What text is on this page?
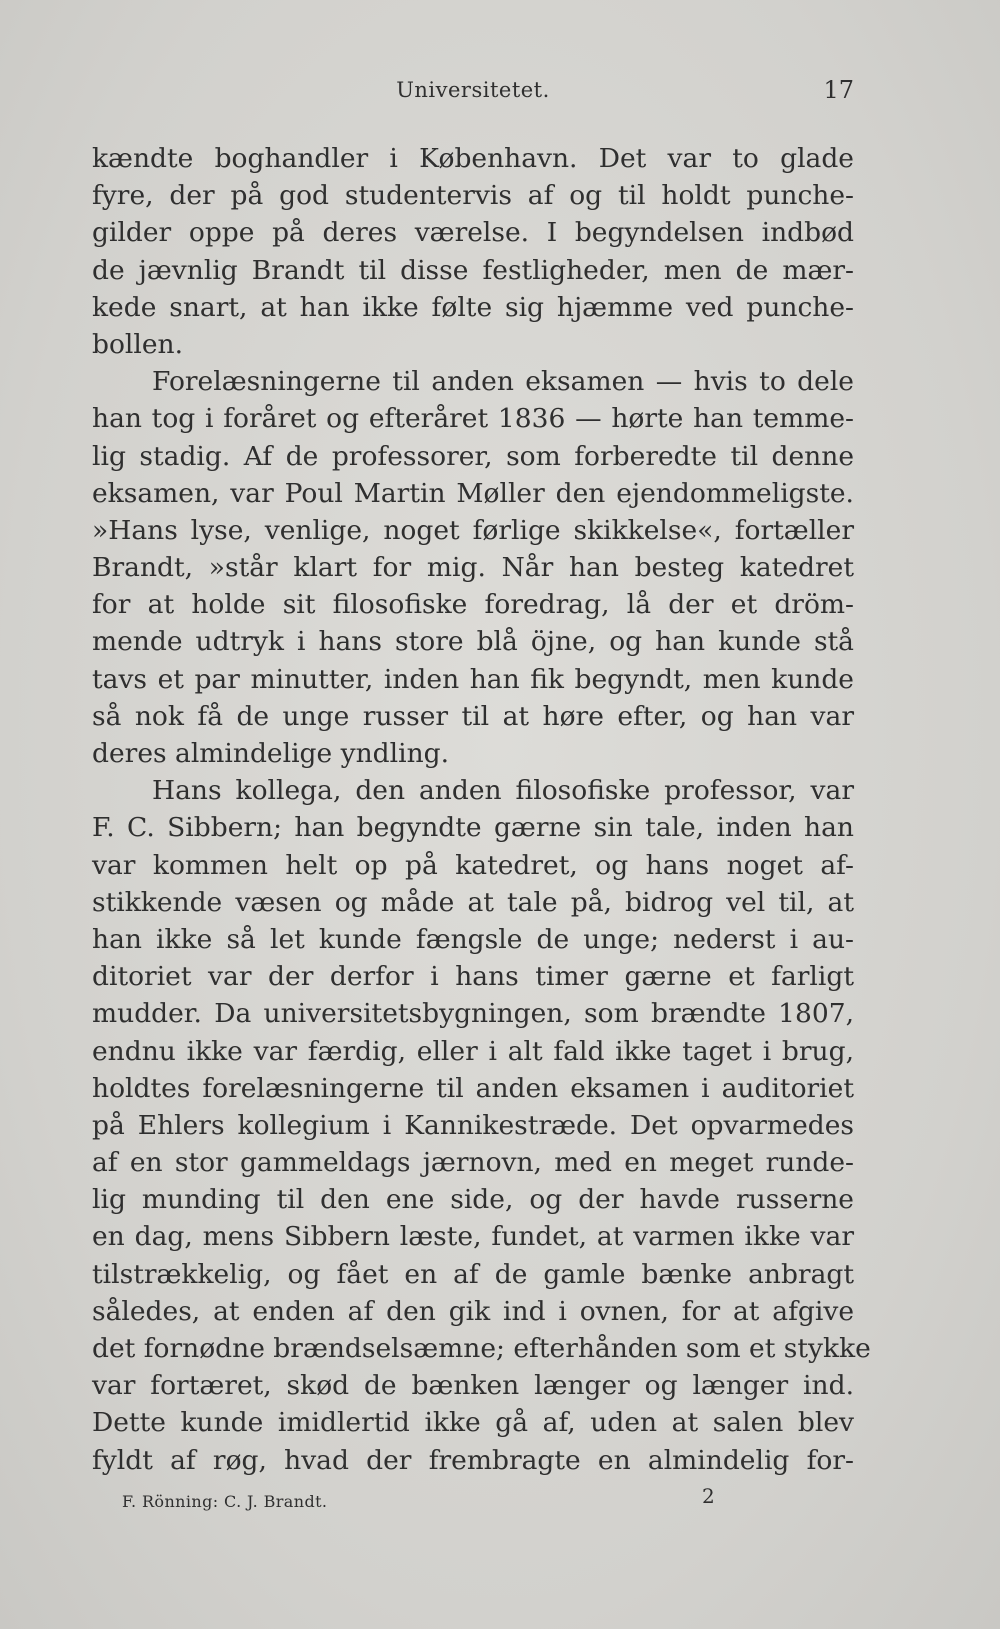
Universitetet.	17
kændte boghandler i København. Det var to glade
fyre, der på god studentervis af og til holdt punche-
gilder oppe på deres værelse. I begyndelsen indbød
de jævnlig Brandt til disse festligheder, men de mær-
kede snart, at han ikke følte sig hjæmme ved punche-
bollen.
Forelæsningerne til anden eksamen — hvis to dele
han tog i foråret og efteråret 1836 — hørte han temme-
lig stadig. Af de professorer, som forberedte til denne
eksamen, var Poul Martin Møller den ejendommeligste.
»Hans lyse, venlige, noget førlige skikkelse«, fortæller
Brandt, »står klart for mig. Når han besteg katedret
for at holde sit filosofiske foredrag, lå der et dröm-
mende udtryk i hans store blå öjne, og han kunde stå
tavs et par minutter, inden han fik begyndt, men kunde
så nok få de unge russer til at høre efter, og han var
deres almindelige yndling.
Hans kollega, den anden filosofiske professor, var
F. C. Sibbern; han begyndte gærne sin tale, inden han
var kommen helt op på katedret, og hans noget af-
stikkende væsen og måde at tale på, bidrog vel til, at
han ikke så let kunde fængsle de unge; nederst i au-
ditoriet var der derfor i hans timer gærne et farligt
mudder. Da universitetsbygningen, som brændte 1807,
endnu ikke var færdig, eller i alt fald ikke taget i brug,
holdtes forelæsningerne til anden eksamen i auditoriet
på Ehlers kollegium i Kannikestræde. Det opvarmedes
af en stor gammeldags jærnovn, med en meget runde-
lig munding til den ene side, og der havde russerne
en dag, mens Sibbern læste, fundet, at varmen ikke var
tilstrækkelig, og fået en af de gamle bænke anbragt
således, at enden af den gik ind i ovnen, for at afgive
det fornødne brændselsæmne; efterhånden som et stykke
var fortæret, skød de bænken længer og længer ind.
Dette kunde imidlertid ikke gå af, uden at salen blev
fyldt af røg, hvad der frembragte en almindelig for-
F. Rönning: C. J. Brandt.	2
